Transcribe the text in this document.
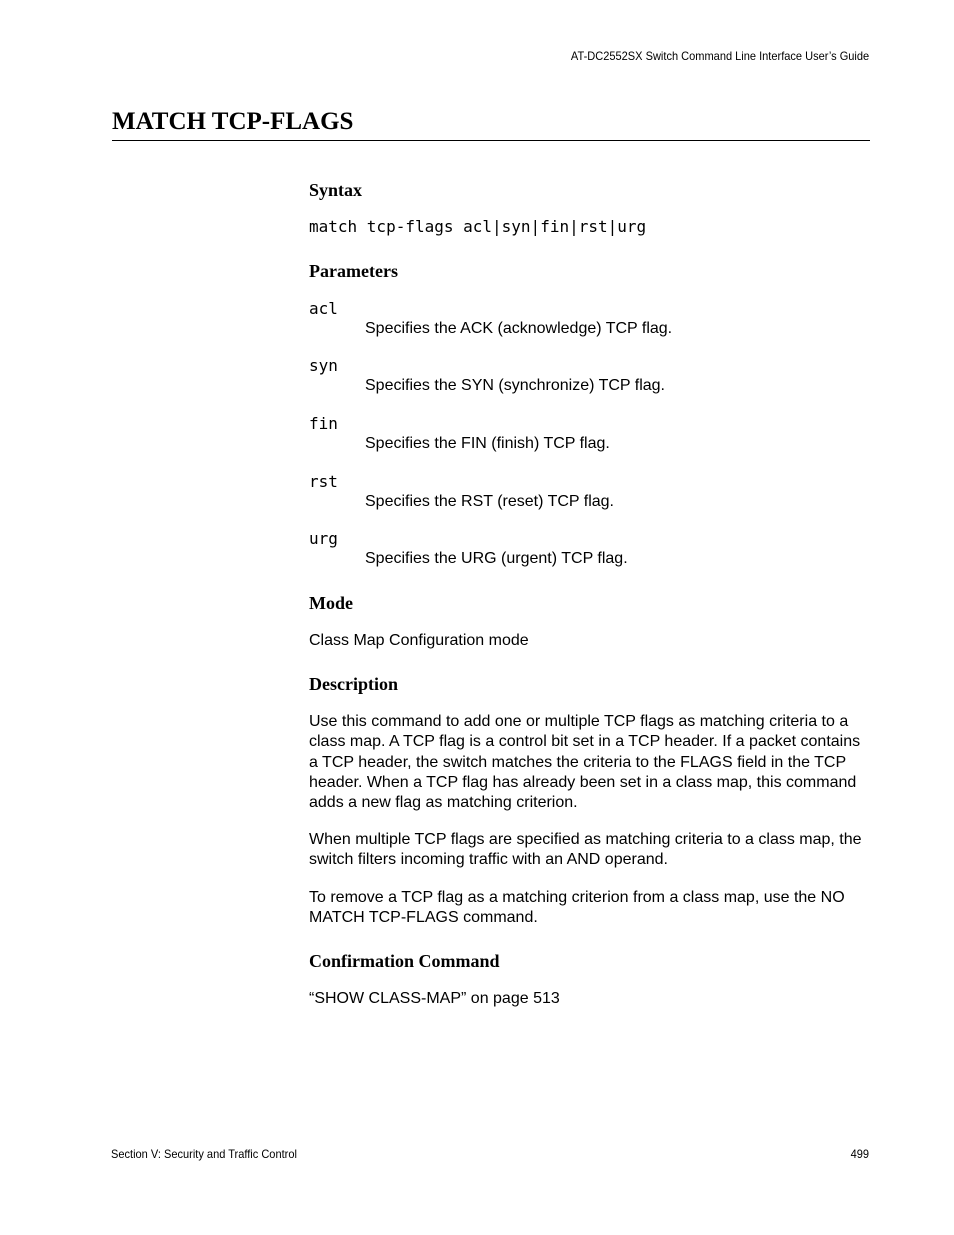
AT-DC2552SX Switch Command Line Interface User’s Guide
MATCH TCP-FLAGS
Syntax
match tcp-flags acl|syn|fin|rst|urg
Parameters
acl
Specifies the ACK (acknowledge) TCP flag.
syn
Specifies the SYN (synchronize) TCP flag.
fin
Specifies the FIN (finish) TCP flag.
rst
Specifies the RST (reset) TCP flag.
urg
Specifies the URG (urgent) TCP flag.
Mode

Class Map Configuration mode

Description

Use this command to add one or multiple TCP flags as matching criteria to a class map. A TCP flag is a control bit set in a TCP header. If a packet contains a TCP header, the switch matches the criteria to the FLAGS field in the TCP header. When a TCP flag has already been set in a class map, this command adds a new flag as matching criterion.

When multiple TCP flags are specified as matching criteria to a class map, the switch filters incoming traffic with an AND operand.

To remove a TCP flag as a matching criterion from a class map, use the NO MATCH TCP-FLAGS command.

Confirmation Command

“SHOW CLASS-MAP” on page 513

Section V: Security and Traffic Control	499
